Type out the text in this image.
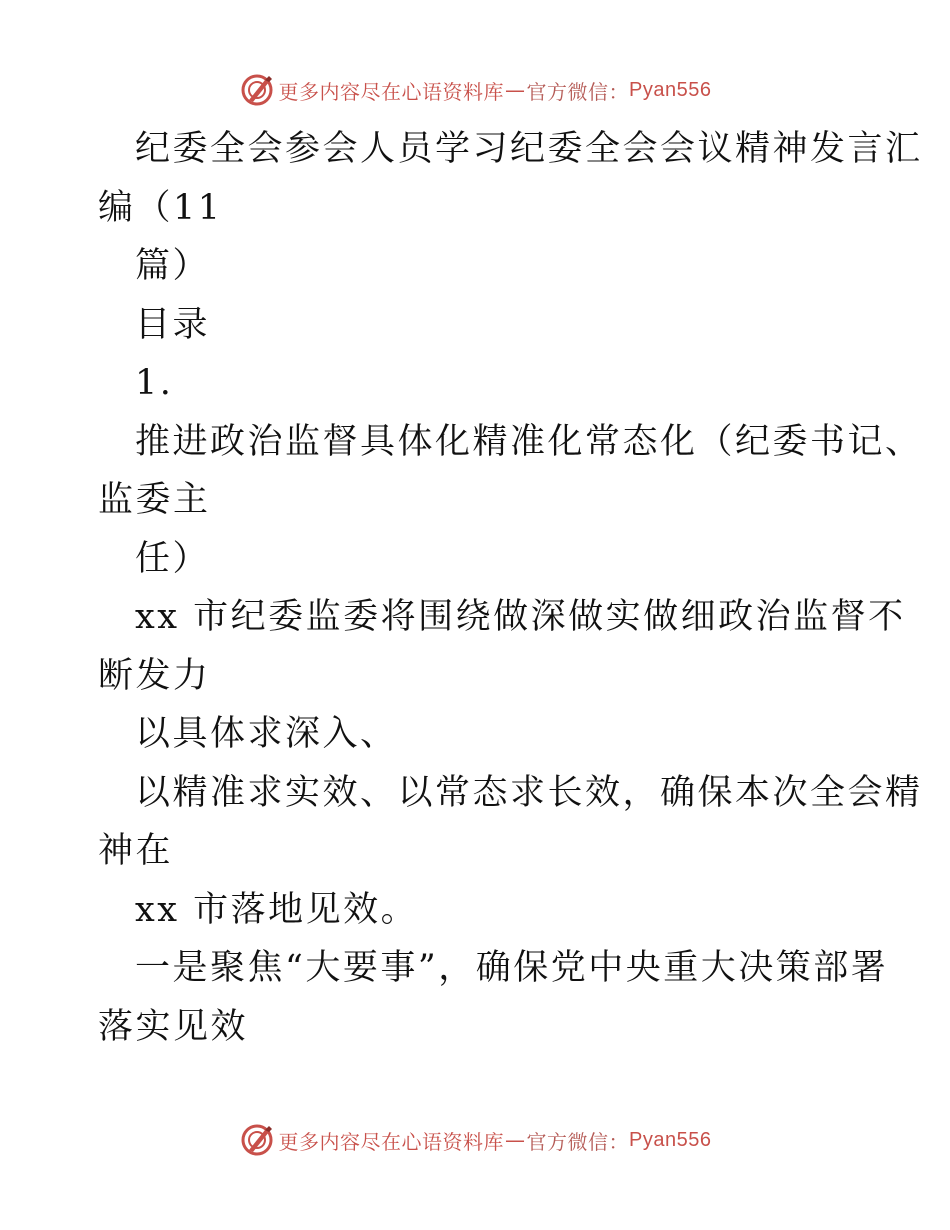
更多内容尽在心语资料库 — 官方微信： Pyan556
纪委全会参会人员学习纪委全会会议精神发言汇
编（11
篇）
目录
1.
推进政治监督具体化精准化常态化（纪委书记、
监委主
任）
xx 市纪委监委将围绕做深做实做细政治监督不
断发力
以具体求深入、
以精准求实效、以常态求长效，确保本次全会精
神在
xx 市落地见效。
一是聚焦“大要事”，确保党中央重大决策部署
落实见效
更多内容尽在心语资料库 — 官方微信： Pyan556
